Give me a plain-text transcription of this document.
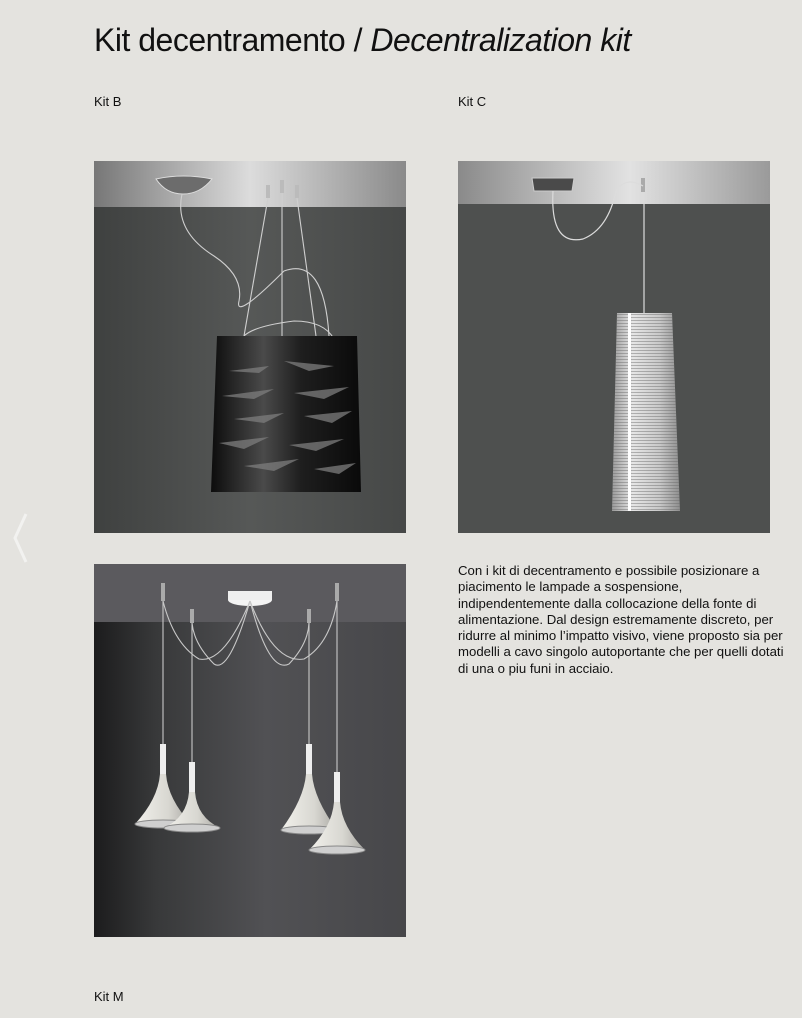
Kit decentramento / Decentralization kit
Kit B	Kit C
Kit M

Con i kit di decentramento e possibile posizionare a piacimento le lampade a sospensione, indipendentemente dalla collocazione della fonte di alimentazione. Dal design estremamente discreto, per ridurre al minimo l’impatto visivo, viene proposto sia per modelli a cavo singolo autoportante che per quelli dotati di una o piu funi in acciaio.
